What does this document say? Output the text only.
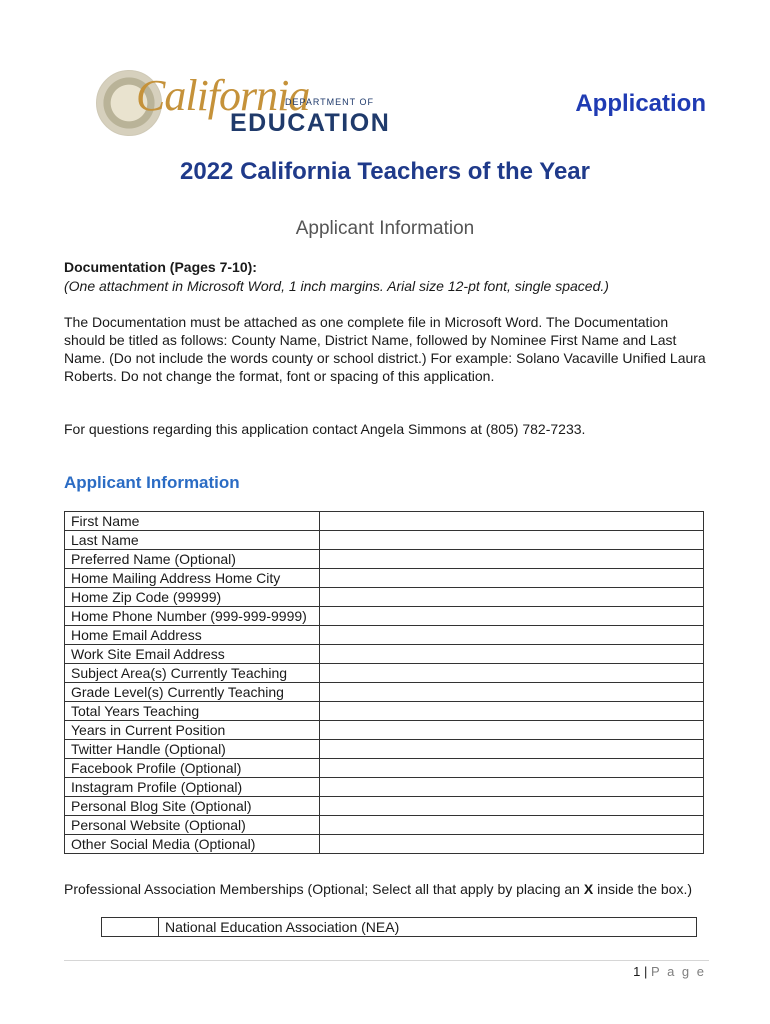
California
DEPARTMENT OF
EDUCATION
Application
2022 California Teachers of the Year
Applicant Information
Documentation (Pages 7-10):
(One attachment in Microsoft Word, 1 inch margins. Arial size 12-pt font, single spaced.)
The Documentation must be attached as one complete file in Microsoft Word. The Documentation should be titled as follows: County Name, District Name, followed by Nominee First Name and Last Name. (Do not include the words county or school district.) For example: Solano Vacaville Unified Laura Roberts. Do not change the format, font or spacing of this application.
For questions regarding this application contact Angela Simmons at (805) 782-7233.
Applicant Information
First Name	
Last Name	
Preferred Name (Optional)	
Home Mailing Address Home City	
Home Zip Code (99999)	
Home Phone Number (999-999-9999)	
Home Email Address	
Work Site Email Address	
Subject Area(s) Currently Teaching	
Grade Level(s) Currently Teaching	
Total Years Teaching	
Years in Current Position	
Twitter Handle (Optional)	
Facebook Profile (Optional)	
Instagram Profile (Optional)	
Personal Blog Site (Optional)	
Personal Website (Optional)	
Other Social Media (Optional)	
Professional Association Memberships (Optional; Select all that apply by placing an X inside the box.)
	National Education Association (NEA)
1 | P a g e
